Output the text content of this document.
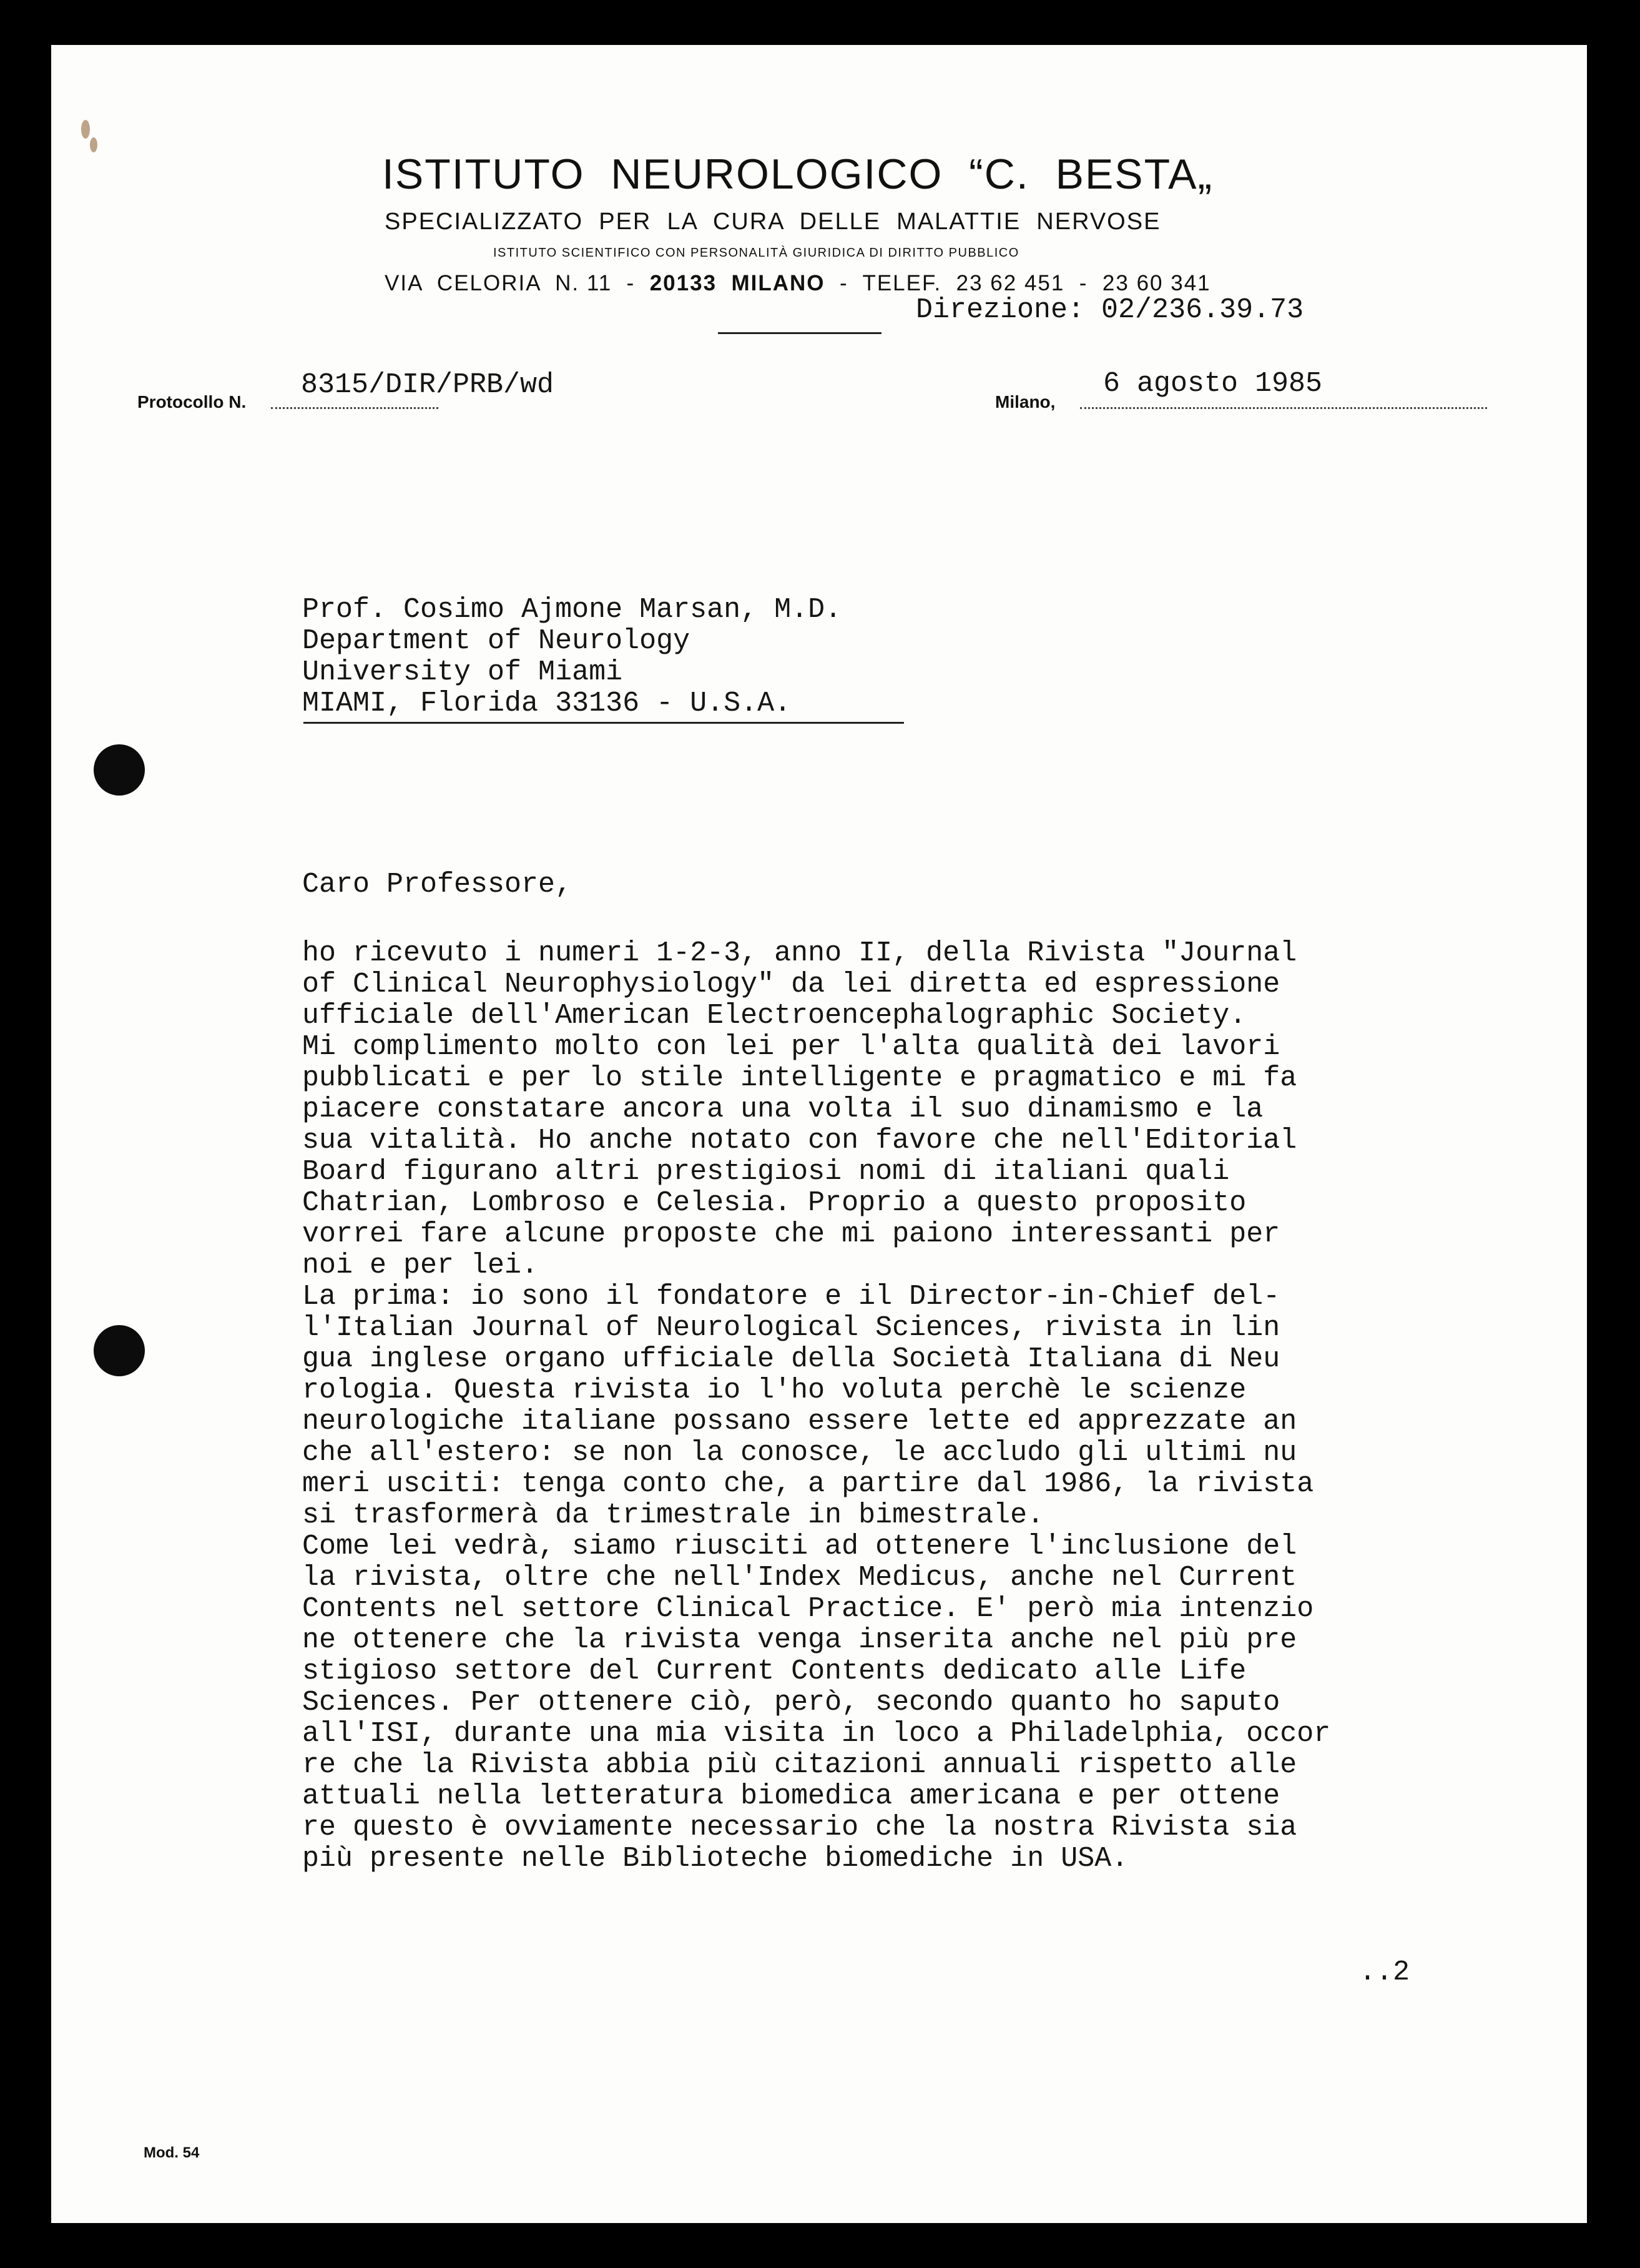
ISTITUTO  NEUROLOGICO  “C.  BESTA„
SPECIALIZZATO  PER  LA  CURA  DELLE  MALATTIE  NERVOSE
ISTITUTO SCIENTIFICO CON PERSONALITÀ GIURIDICA DI DIRITTO PUBBLICO
VIA  CELORIA  N. 11  -  20133  MILANO  -  TELEF.  23 62 451  -  23 60 341
Direzione: 02/236.39.73
Protocollo N.
8315/DIR/PRB/wd
Milano,
6 agosto 1985
Prof. Cosimo Ajmone Marsan, M.D.
Department of Neurology
University of Miami
MIAMI, Florida 33136 - U.S.A.
Caro Professore,
ho ricevuto i numeri 1-2-3, anno II, della Rivista "Journal
of Clinical Neurophysiology" da lei diretta ed espressione
ufficiale dell'American Electroencephalographic Society.
Mi complimento molto con lei per l'alta qualità dei lavori
pubblicati e per lo stile intelligente e pragmatico e mi fa
piacere constatare ancora una volta il suo dinamismo e la
sua vitalità. Ho anche notato con favore che nell'Editorial
Board figurano altri prestigiosi nomi di italiani quali
Chatrian, Lombroso e Celesia. Proprio a questo proposito
vorrei fare alcune proposte che mi paiono interessanti per
noi e per lei.
La prima: io sono il fondatore e il Director-in-Chief del-
l'Italian Journal of Neurological Sciences, rivista in lin
gua inglese organo ufficiale della Società Italiana di Neu
rologia. Questa rivista io l'ho voluta perchè le scienze
neurologiche italiane possano essere lette ed apprezzate an
che all'estero: se non la conosce, le accludo gli ultimi nu
meri usciti: tenga conto che, a partire dal 1986, la rivista
si trasformerà da trimestrale in bimestrale.
Come lei vedrà, siamo riusciti ad ottenere l'inclusione del
la rivista, oltre che nell'Index Medicus, anche nel Current
Contents nel settore Clinical Practice. E' però mia intenzio
ne ottenere che la rivista venga inserita anche nel più pre
stigioso settore del Current Contents dedicato alle Life
Sciences. Per ottenere ciò, però, secondo quanto ho saputo
all'ISI, durante una mia visita in loco a Philadelphia, occor
re che la Rivista abbia più citazioni annuali rispetto alle
attuali nella letteratura biomedica americana e per ottene
re questo è ovviamente necessario che la nostra Rivista sia
più presente nelle Biblioteche biomediche in USA.
..2
Mod. 54
